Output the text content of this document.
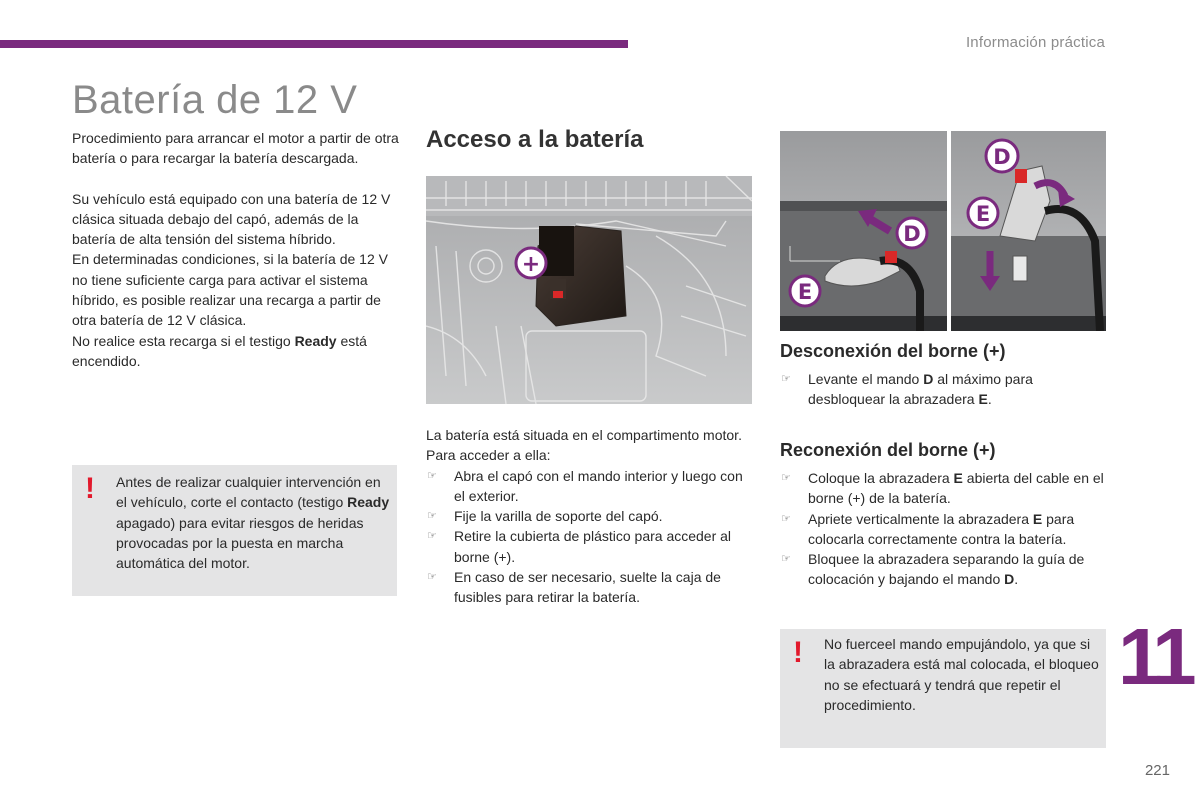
Información práctica
Batería de 12 V

Procedimiento para arrancar el motor a partir de otra batería o para recargar la batería descargada.

Su vehículo está equipado con una batería de 12 V clásica situada debajo del capó, además de la batería de alta tensión del sistema híbrido.

En determinadas condiciones, si la batería de 12 V no tiene suficiente carga para activar el sistema híbrido, es posible realizar una recarga a partir de otra batería de 12 V clásica.

No realice esta recarga si el testigo Ready está encendido.

! Antes de realizar cualquier intervención en el vehículo, corte el contacto (testigo Ready apagado) para evitar riesgos de heridas provocadas por la puesta en marcha automática del motor.

Acceso a la batería
+

La batería está situada en el compartimento motor.

Para acceder a ella:

☞ Abra el capó con el mando interior y luego con el exterior.
☞ Fije la varilla de soporte del capó.
☞ Retire la cubierta de plástico para acceder al borne (+).
☞ En caso de ser necesario, suelte la caja de fusibles para retirar la batería.
D
E
D
E
Desconexión del borne (+)
☞ Levante el mando D al máximo para desbloquear la abrazadera E.
Reconexión del borne (+)
☞ Coloque la abrazadera E abierta del cable en el borne (+) de la batería.
☞ Apriete verticalmente la abrazadera E para colocarla correctamente contra la batería.
☞ Bloquee la abrazadera separando la guía de colocación y bajando el mando D.
! No fuerceel mando empujándolo, ya que si la abrazadera está mal colocada, el bloqueo no se efectuará y tendrá que repetir el procedimiento.

11
221
